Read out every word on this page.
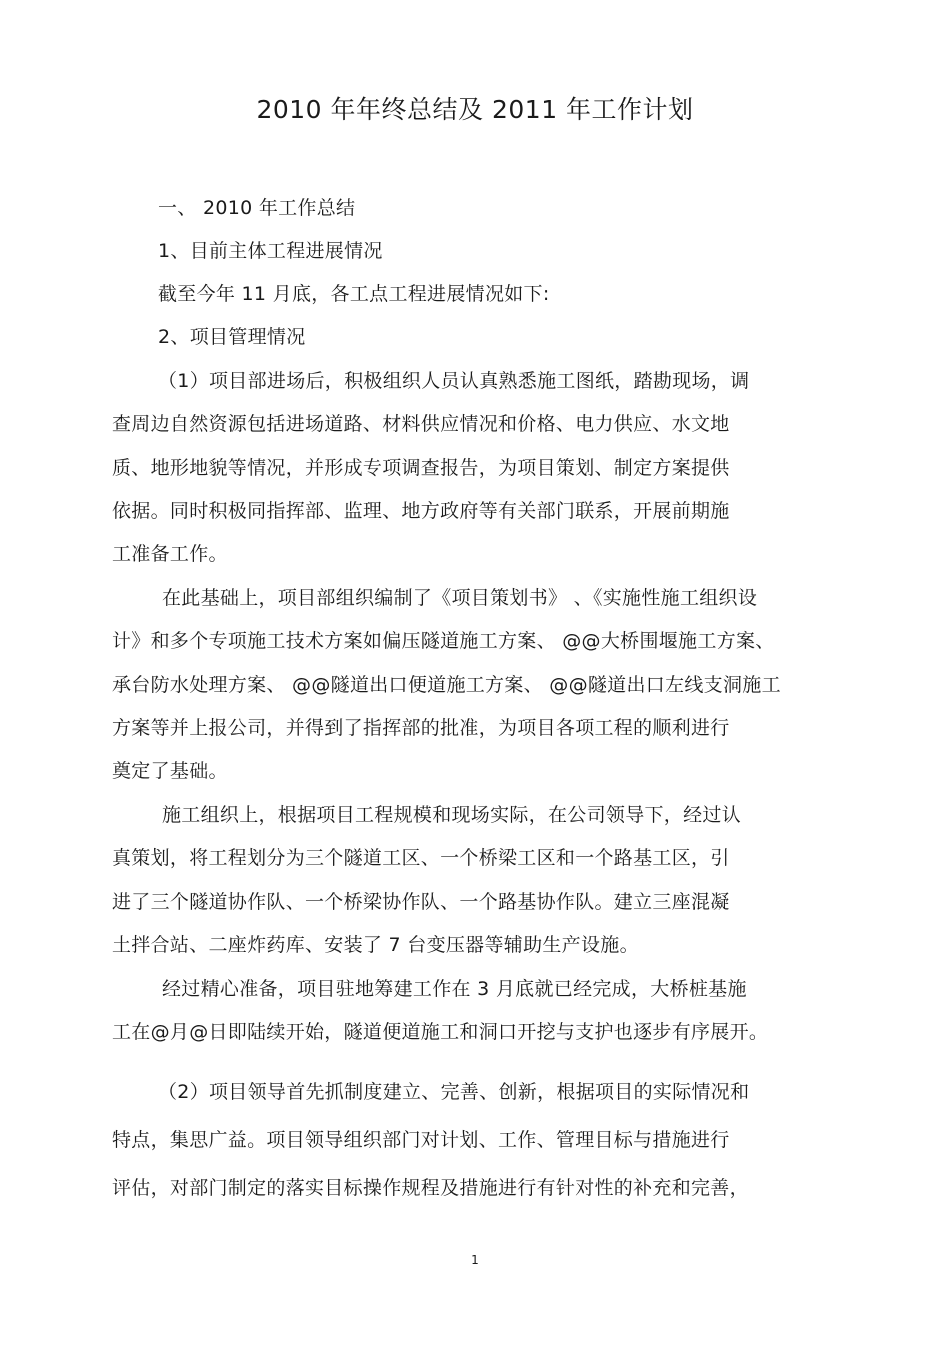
2010 年年终总结及 2011 年工作计划
一、 2010 年工作总结
1、目前主体工程进展情况
截至今年 11 月底，各工点工程进展情况如下:
2、项目管理情况
（1）项目部进场后，积极组织人员认真熟悉施工图纸，踏勘现场，调
查周边自然资源包括进场道路、材料供应情况和价格、电力供应、水文地
质、地形地貌等情况，并形成专项调查报告，为项目策划、制定方案提供
依据。同时积极同指挥部、监理、地方政府等有关部门联系，开展前期施
工准备工作。
在此基础上，项目部组织编制了《项目策划书》 、《实施性施工组织设
计》和多个专项施工技术方案如偏压隧道施工方案、 @@大桥围堰施工方案、
承台防水处理方案、 @@隧道出口便道施工方案、 @@隧道出口左线支洞施工
方案等并上报公司，并得到了指挥部的批准，为项目各项工程的顺利进行
奠定了基础。
施工组织上，根据项目工程规模和现场实际，在公司领导下，经过认
真策划，将工程划分为三个隧道工区、一个桥梁工区和一个路基工区，引
进了三个隧道协作队、一个桥梁协作队、一个路基协作队。建立三座混凝
土拌合站、二座炸药库、安装了 7 台变压器等辅助生产设施。
经过精心准备，项目驻地筹建工作在 3 月底就已经完成，大桥桩基施
工在@月@日即陆续开始，隧道便道施工和洞口开挖与支护也逐步有序展开。
（2）项目领导首先抓制度建立、完善、创新，根据项目的实际情况和
特点，集思广益。项目领导组织部门对计划、工作、管理目标与措施进行
评估，对部门制定的落实目标操作规程及措施进行有针对性的补充和完善，
1
